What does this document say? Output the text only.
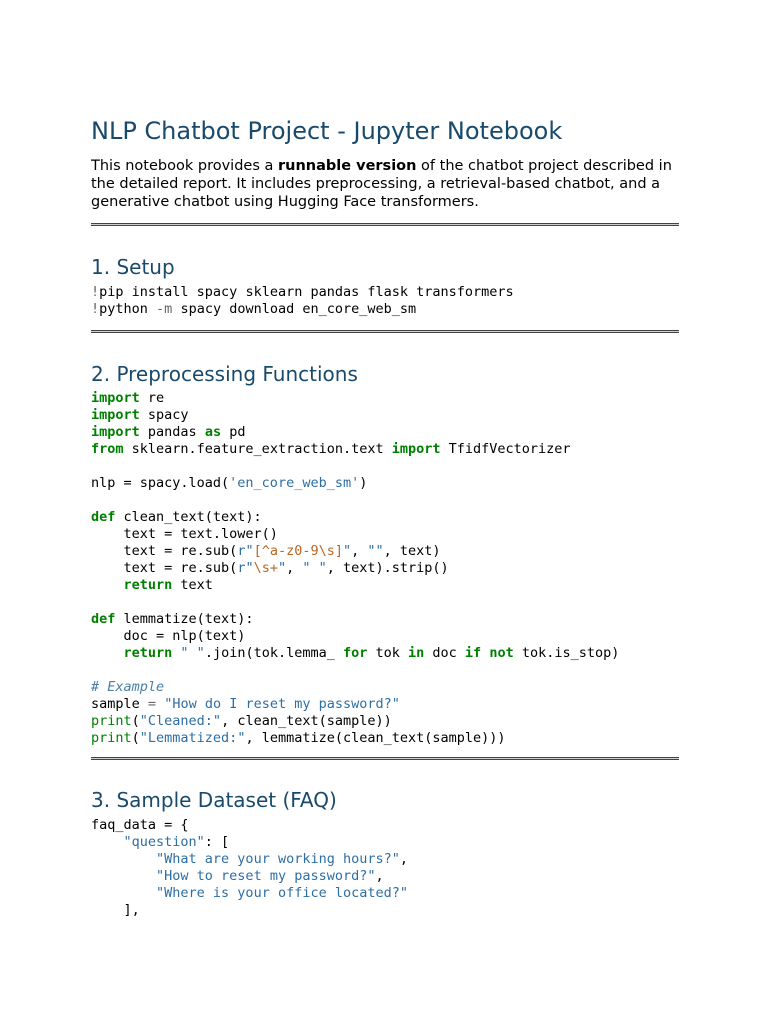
NLP Chatbot Project - Jupyter Notebook

This notebook provides a runnable version of the chatbot project described in the detailed report. It includes preprocessing, a retrieval-based chatbot, and a generative chatbot using Hugging Face transformers.

1. Setup
!pip install spacy sklearn pandas flask transformers
!python -m spacy download en_core_web_sm
2. Preprocessing Functions
import re
import spacy
import pandas as pd
from sklearn.feature_extraction.text import TfidfVectorizer

nlp = spacy.load('en_core_web_sm')

def clean_text(text):
text = text.lower()
text = re.sub(r"[^a-z0-9\s]", "", text)
text = re.sub(r"\s+", " ", text).strip()
return text

def lemmatize(text):
doc = nlp(text)
return " ".join(tok.lemma_ for tok in doc if not tok.is_stop)

# Example
sample = "How do I reset my password?"
print("Cleaned:", clean_text(sample))
print("Lemmatized:", lemmatize(clean_text(sample)))
3. Sample Dataset (FAQ)
faq_data = {
"question": [
"What are your working hours?",
"How to reset my password?",
"Where is your office located?"
],
